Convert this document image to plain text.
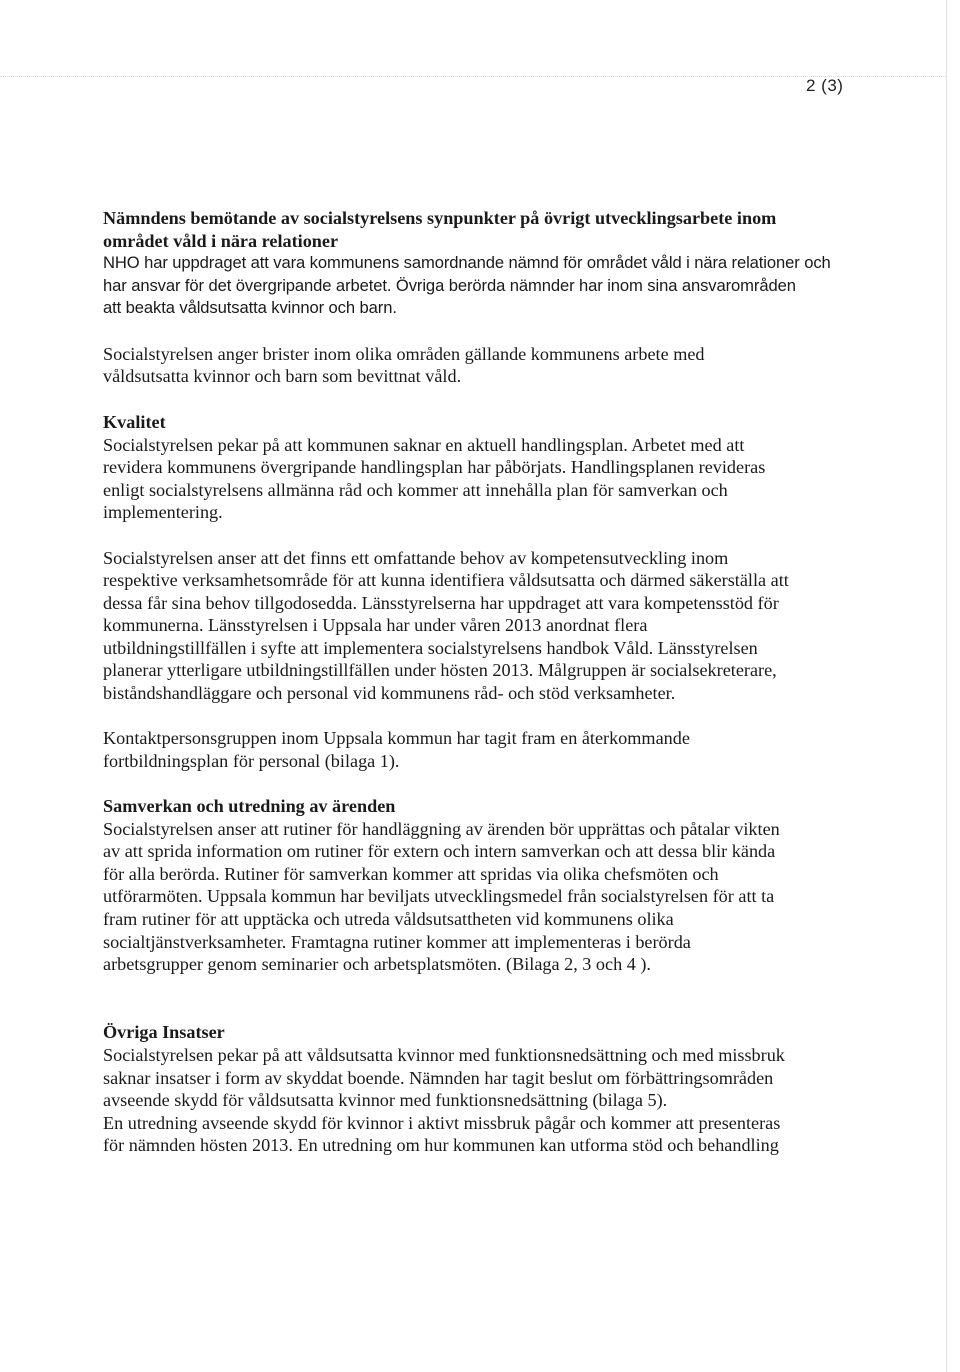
2 (3)

Nämndens bemötande av socialstyrelsens synpunkter på övrigt utvecklingsarbete inom

området våld i nära relationer

NHO har uppdraget att vara kommunens samordnande nämnd för området våld i nära relationer och

har ansvar för det övergripande arbetet. Övriga berörda nämnder har inom sina ansvarområden

att beakta våldsutsatta kvinnor och barn.

Socialstyrelsen anger brister inom olika områden gällande kommunens arbete med

våldsutsatta kvinnor och barn som bevittnat våld.

Kvalitet

Socialstyrelsen pekar på att kommunen saknar en aktuell handlingsplan. Arbetet med att

revidera kommunens övergripande handlingsplan har påbörjats. Handlingsplanen revideras

enligt socialstyrelsens allmänna råd och kommer att innehålla plan för samverkan och

implementering.

Socialstyrelsen anser att det finns ett omfattande behov av kompetensutveckling inom

respektive verksamhetsområde för att kunna identifiera våldsutsatta och därmed säkerställa att

dessa får sina behov tillgodosedda. Länsstyrelserna har uppdraget att vara kompetensstöd för

kommunerna. Länsstyrelsen i Uppsala har under våren 2013 anordnat flera

utbildningstillfällen i syfte att implementera socialstyrelsens handbok Våld. Länsstyrelsen

planerar ytterligare utbildningstillfällen under hösten 2013. Målgruppen är socialsekreterare,

biståndshandläggare och personal vid kommunens råd- och stöd verksamheter.

Kontaktpersonsgruppen inom Uppsala kommun har tagit fram en återkommande

fortbildningsplan för personal (bilaga 1).

Samverkan och utredning av ärenden

Socialstyrelsen anser att rutiner för handläggning av ärenden bör upprättas och påtalar vikten

av att sprida information om rutiner för extern och intern samverkan och att dessa blir kända

för alla berörda. Rutiner för samverkan kommer att spridas via olika chefsmöten och

utförarmöten. Uppsala kommun har beviljats utvecklingsmedel från socialstyrelsen för att ta

fram rutiner för att upptäcka och utreda våldsutsattheten vid kommunens olika

socialtjänstverksamheter. Framtagna rutiner kommer att implementeras i berörda

arbetsgrupper genom seminarier och arbetsplatsmöten. (Bilaga 2, 3 och 4 ).

Övriga Insatser

Socialstyrelsen pekar på att våldsutsatta kvinnor med funktionsnedsättning och med missbruk

saknar insatser i form av skyddat boende. Nämnden har tagit beslut om förbättringsområden

avseende skydd för våldsutsatta kvinnor med funktionsnedsättning (bilaga 5).

En utredning avseende skydd för kvinnor i aktivt missbruk pågår och kommer att presenteras

för nämnden hösten 2013. En utredning om hur kommunen kan utforma stöd och behandling
